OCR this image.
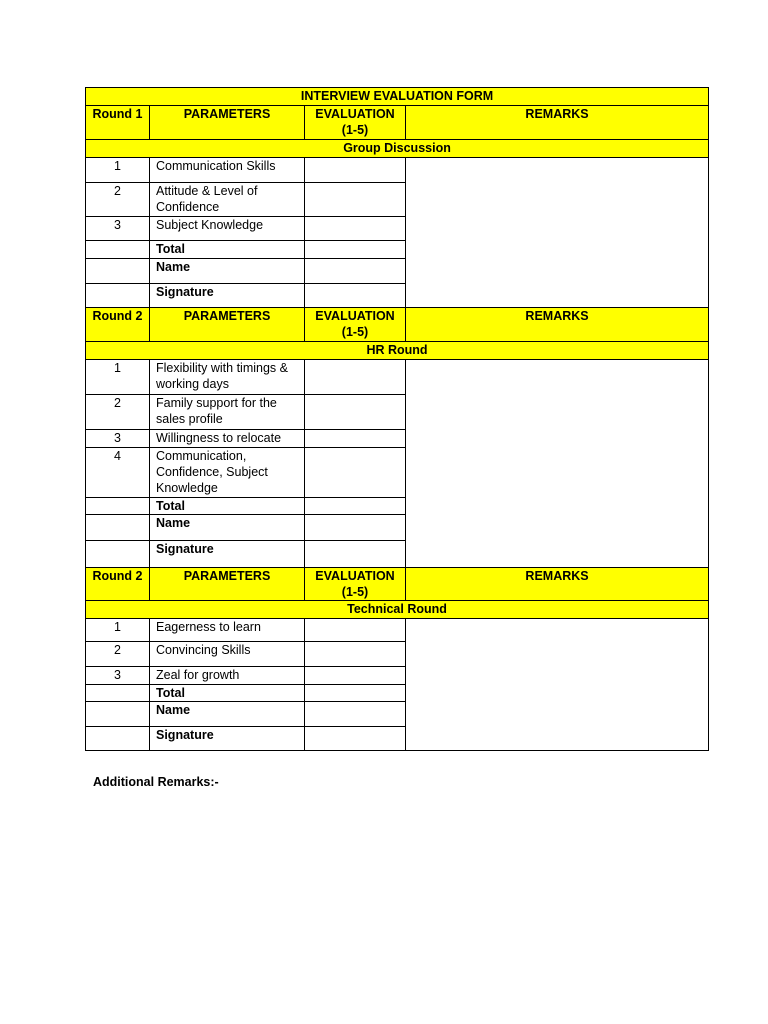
INTERVIEW EVALUATION FORM			
Round 1	PARAMETERS	EVALUATION (1-5)	REMARKS
Group Discussion			
1	Communication Skills		
2	Attitude & Level of Confidence		
3	Subject Knowledge		
	Total		
	Name		
	Signature		
Round 2	PARAMETERS	EVALUATION (1-5)	REMARKS
HR Round			
1	Flexibility with timings & working days		
2	Family support for the sales profile		
3	Willingness to relocate		
4	Communication, Confidence, Subject Knowledge		
	Total		
	Name		
	Signature		
Round 2	PARAMETERS	EVALUATION (1-5)	REMARKS
Technical Round			
1	Eagerness to learn		
2	Convincing Skills		
3	Zeal for growth		
	Total		
	Name		
	Signature		
Additional Remarks:-
